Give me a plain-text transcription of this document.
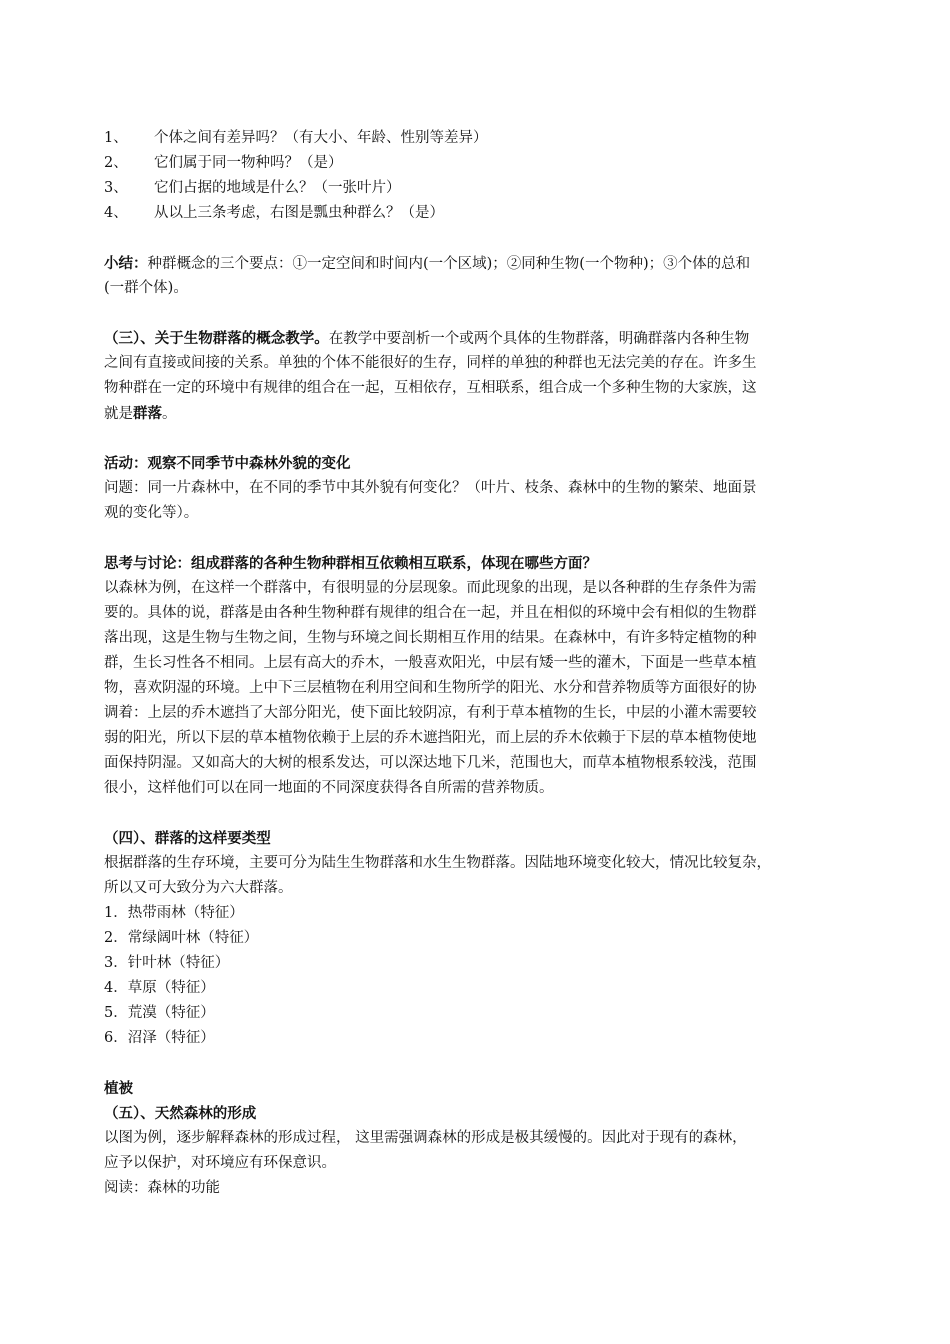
1、 个体之间有差异吗？（有大小、年龄、性别等差异）
2、 它们属于同一物种吗？（是）
3、 它们占据的地域是什么？（一张叶片）
4、 从以上三条考虑，右图是瓢虫种群么？（是）
小结：种群概念的三个要点：①一定空间和时间内(一个区域)；②同种生物(一个物种)；③个体的总和
(一群个体)。
（三）、关于生物群落的概念教学。在教学中要剖析一个或两个具体的生物群落，明确群落内各种生物
之间有直接或间接的关系。单独的个体不能很好的生存，同样的单独的种群也无法完美的存在。许多生
物种群在一定的环境中有规律的组合在一起，互相依存，互相联系，组合成一个多种生物的大家族，这
就是群落。
活动：观察不同季节中森林外貌的变化
问题：同一片森林中，在不同的季节中其外貌有何变化？（叶片、枝条、森林中的生物的繁荣、地面景
观的变化等）。
思考与讨论：组成群落的各种生物种群相互依赖相互联系，体现在哪些方面？
以森林为例，在这样一个群落中，有很明显的分层现象。而此现象的出现，是以各种群的生存条件为需
要的。具体的说，群落是由各种生物种群有规律的组合在一起，并且在相似的环境中会有相似的生物群
落出现，这是生物与生物之间，生物与环境之间长期相互作用的结果。在森林中，有许多特定植物的种
群，生长习性各不相同。上层有高大的乔木，一般喜欢阳光，中层有矮一些的灌木，下面是一些草本植
物，喜欢阴湿的环境。上中下三层植物在利用空间和生物所学的阳光、水分和营养物质等方面很好的协
调着：上层的乔木遮挡了大部分阳光，使下面比较阴凉，有利于草本植物的生长，中层的小灌木需要较
弱的阳光，所以下层的草本植物依赖于上层的乔木遮挡阳光，而上层的乔木依赖于下层的草本植物使地
面保持阴湿。又如高大的大树的根系发达，可以深达地下几米，范围也大，而草本植物根系较浅，范围
很小，这样他们可以在同一地面的不同深度获得各自所需的营养物质。
（四）、群落的这样要类型
根据群落的生存环境，主要可分为陆生生物群落和水生生物群落。因陆地环境变化较大，情况比较复杂，
所以又可大致分为六大群落。
1．热带雨林（特征）
2．常绿阔叶林（特征）
3．针叶林（特征）
4．草原（特征）
5．荒漠（特征）
6．沼泽（特征）
植被
（五）、天然森林的形成
以图为例，逐步解释森林的形成过程， 这里需强调森林的形成是极其缓慢的。因此对于现有的森林，
应予以保护，对环境应有环保意识。
阅读：森林的功能
